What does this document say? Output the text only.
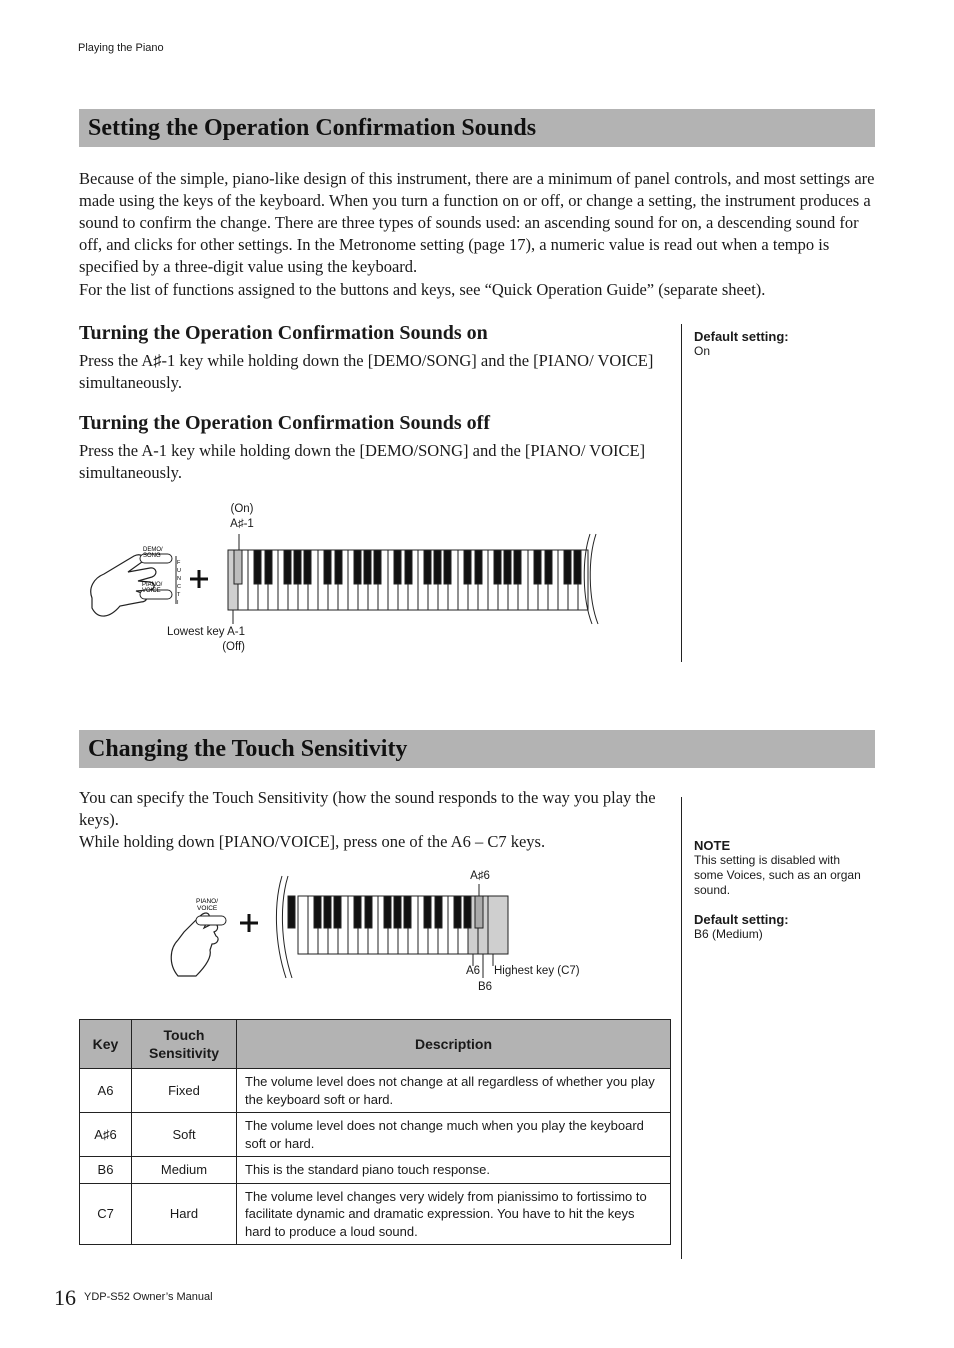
Playing the Piano
Setting the Operation Confirmation Sounds

Because of the simple, piano-like design of this instrument, there are a minimum of panel controls, and most settings are made using the keys of the keyboard. When you turn a function on or off, or change a setting, the instrument produces a sound to confirm the change. There are three types of sounds used: an ascending sound for on, a descending sound for off, and clicks for other settings. In the Metronome setting (page 17), a numeric value is read out when a tempo is specified by a three-digit value using the keyboard.

For the list of functions assigned to the buttons and keys, see “Quick Operation Guide” (separate sheet).

Turning the Operation Confirmation Sounds on

Press the A♯-1 key while holding down the [DEMO/SONG] and the [PIANO/ VOICE] simultaneously.

Turning the Operation Confirmation Sounds off

Press the A-1 key while holding down the [DEMO/SONG] and the [PIANO/ VOICE] simultaneously.

Default setting:
On
(On)
A♯-1
Lowest key A-1
(Off)
DEMO/
SONG
PIANO/
VOICE
F
U
N
C
T
I
Changing the Touch Sensitivity

You can specify the Touch Sensitivity (how the sound responds to the way you play the keys).

While holding down [PIANO/VOICE], press one of the A6 – C7 keys.	NOTE
This setting is disabled with some Voices, such as an organ sound.
Default setting:
B6 (Medium)
A♯6
A6
B6
Highest key (C7)
PIANO/
VOICE
Key	Touch Sensitivity	Description
A6	Fixed	The volume level does not change at all regardless of whether you play the keyboard soft or hard.
A♯6	Soft	The volume level does not change much when you play the keyboard soft or hard.
B6	Medium	This is the standard piano touch response.
C7	Hard	The volume level changes very widely from pianissimo to fortissimo to facilitate dynamic and dramatic expression. You have to hit the keys hard to produce a loud sound.
16 YDP-S52 Owner’s Manual
